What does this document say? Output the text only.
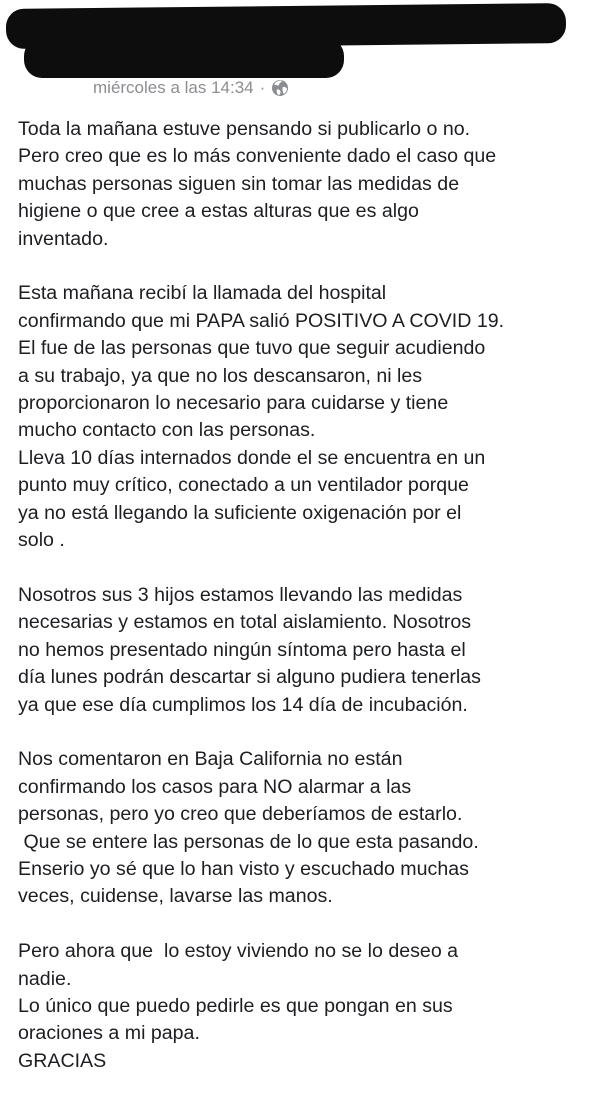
miércoles a las 14:34 ·
Toda la mañana estuve pensando si publicarlo o no.
Pero creo que es lo más conveniente dado el caso que
muchas personas siguen sin tomar las medidas de
higiene o que cree a estas alturas que es algo
inventado.
Esta mañana recibí la llamada del hospital
confirmando que mi PAPA salió POSITIVO A COVID 19.
El fue de las personas que tuvo que seguir acudiendo
a su trabajo, ya que no los descansaron, ni les
proporcionaron lo necesario para cuidarse y tiene
mucho contacto con las personas.
Lleva 10 días internados donde el se encuentra en un
punto muy crítico, conectado a un ventilador porque
ya no está llegando la suficiente oxigenación por el
solo .
Nosotros sus 3 hijos estamos llevando las medidas
necesarias y estamos en total aislamiento. Nosotros
no hemos presentado ningún síntoma pero hasta el
día lunes podrán descartar si alguno pudiera tenerlas
ya que ese día cumplimos los 14 día de incubación.
Nos comentaron en Baja California no están
confirmando los casos para NO alarmar a las
personas, pero yo creo que deberíamos de estarlo.
Que se entere las personas de lo que esta pasando.
Enserio yo sé que lo han visto y escuchado muchas
veces, cuidense, lavarse las manos.
Pero ahora que  lo estoy viviendo no se lo deseo a
nadie.
Lo único que puedo pedirle es que pongan en sus
oraciones a mi papa.
GRACIAS
